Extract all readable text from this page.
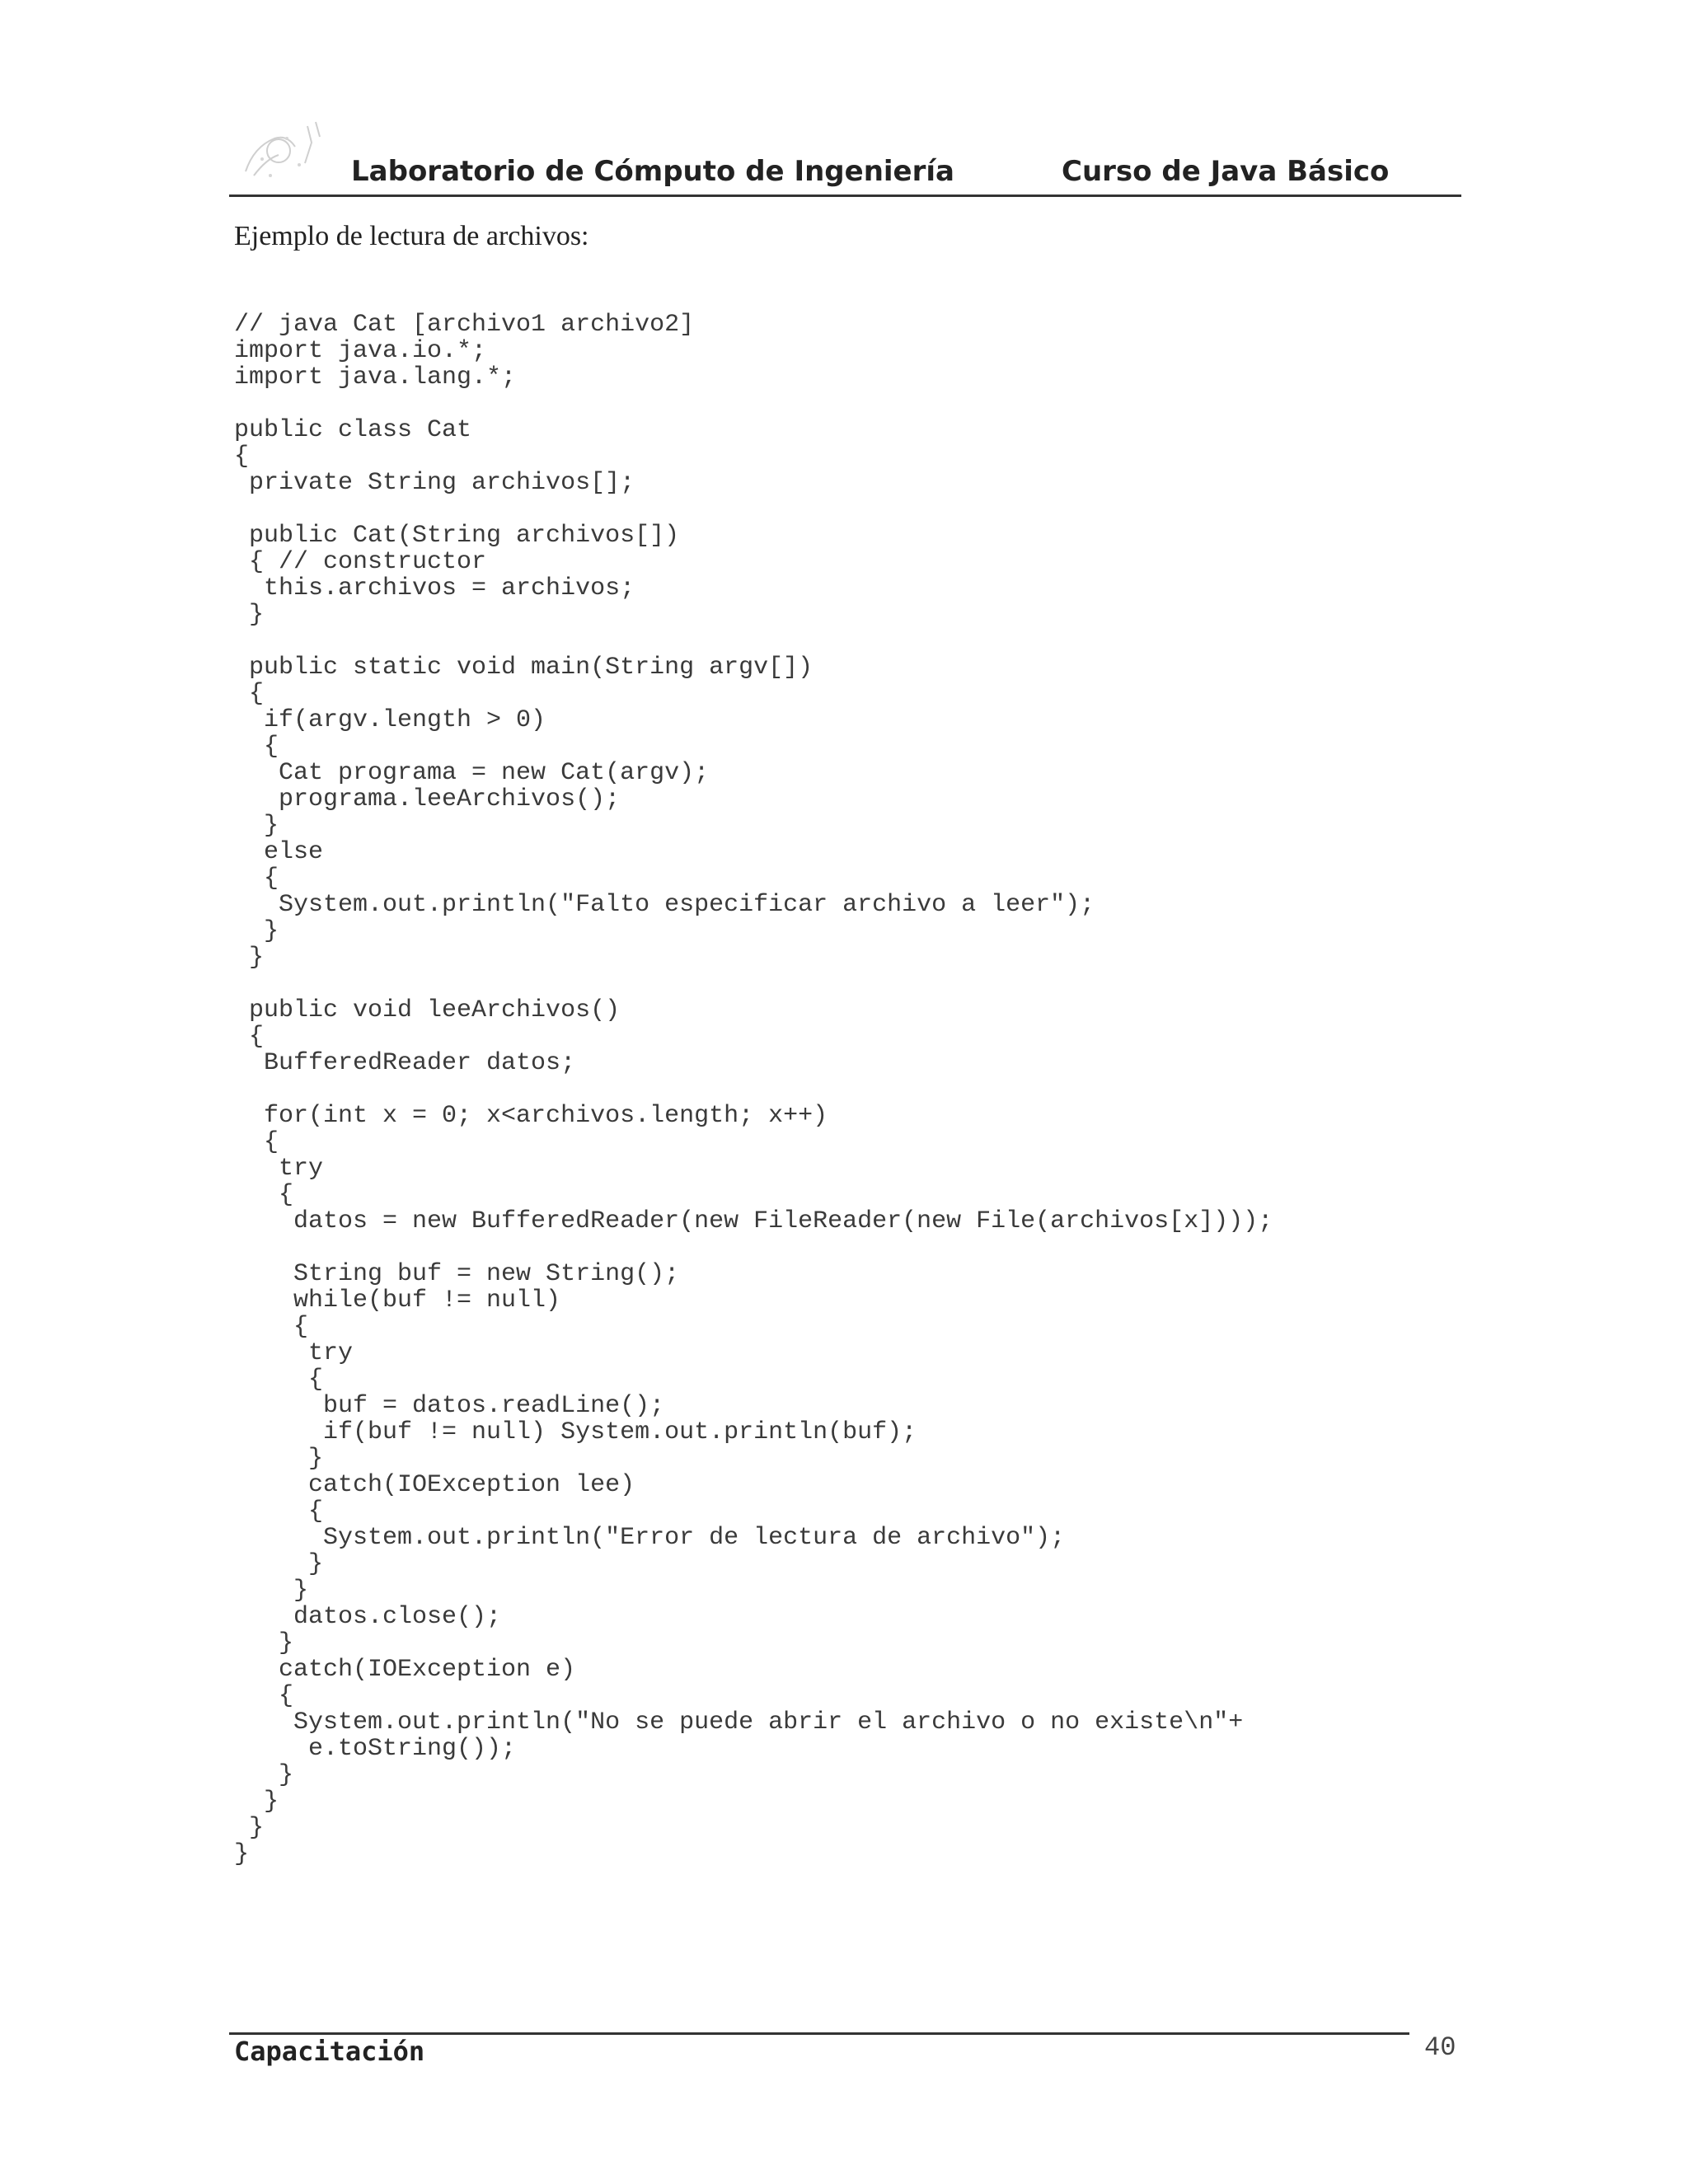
Laboratorio de Cómputo de Ingeniería	Curso de Java Básico
Ejemplo de lectura de archivos:
// java Cat [archivo1 archivo2]
import java.io.*;
import java.lang.*;
public class Cat
{
private String archivos[];
public Cat(String archivos[])
{ // constructor
this.archivos = archivos;
}
public static void main(String argv[])
{
if(argv.length > 0)
{
Cat programa = new Cat(argv);
programa.leeArchivos();
}
else
{
System.out.println("Falto especificar archivo a leer");
}
}
public void leeArchivos()
{
BufferedReader datos;
for(int x = 0; x<archivos.length; x++)
{
try
{
datos = new BufferedReader(new FileReader(new File(archivos[x])));
String buf = new String();
while(buf != null)
{
try
{
buf = datos.readLine();
if(buf != null) System.out.println(buf);
}
catch(IOException lee)
{
System.out.println("Error de lectura de archivo");
}
}
datos.close();
}
catch(IOException e)
{
System.out.println("No se puede abrir el archivo o no existe\n"+
e.toString());
}
}
}
}
Capacitación	40
